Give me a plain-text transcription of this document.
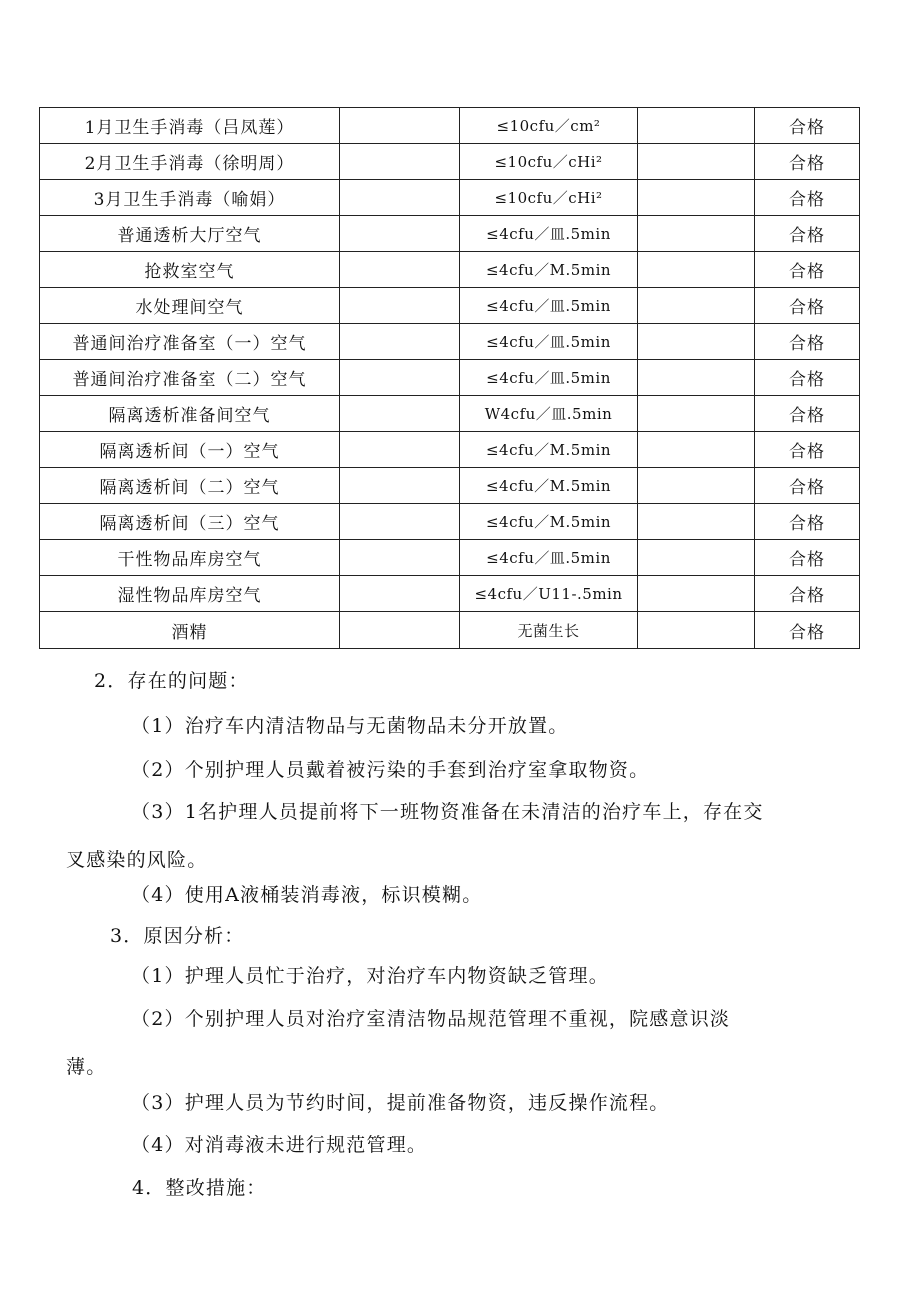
1月卫生手消毒（吕凤莲）		≤10cfu／cm²		合格
2月卫生手消毒（徐明周）		≤10cfu／cHi²		合格
3月卫生手消毒（喻娟）		≤10cfu／cHi²		合格
普通透析大厅空气		≤4cfu／皿.5min		合格
抢救室空气		≤4cfu／M.5min		合格
水处理间空气		≤4cfu／皿.5min		合格
普通间治疗准备室（一）空气		≤4cfu／皿.5min		合格
普通间治疗准备室（二）空气		≤4cfu／皿.5min		合格
隔离透析准备间空气		W4cfu／皿.5min		合格
隔离透析间（一）空气		≤4cfu／M.5min		合格
隔离透析间（二）空气		≤4cfu／M.5min		合格
隔离透析间（三）空气		≤4cfu／M.5min		合格
干性物品库房空气		≤4cfu／皿.5min		合格
湿性物品库房空气		≤4cfu／U11-.5min		合格
酒精		无菌生长		合格
2．存在的问题：
（1）治疗车内清洁物品与无菌物品未分开放置。
（2）个别护理人员戴着被污染的手套到治疗室拿取物资。
（3）1名护理人员提前将下一班物资准备在未清洁的治疗车上，存在交
叉感染的风险。
（4）使用A液桶装消毒液，标识模糊。
3．原因分析：
（1）护理人员忙于治疗，对治疗车内物资缺乏管理。
（2）个别护理人员对治疗室清洁物品规范管理不重视，院感意识淡
薄。
（3）护理人员为节约时间，提前准备物资，违反操作流程。
（4）对消毒液未进行规范管理。
4．整改措施：
